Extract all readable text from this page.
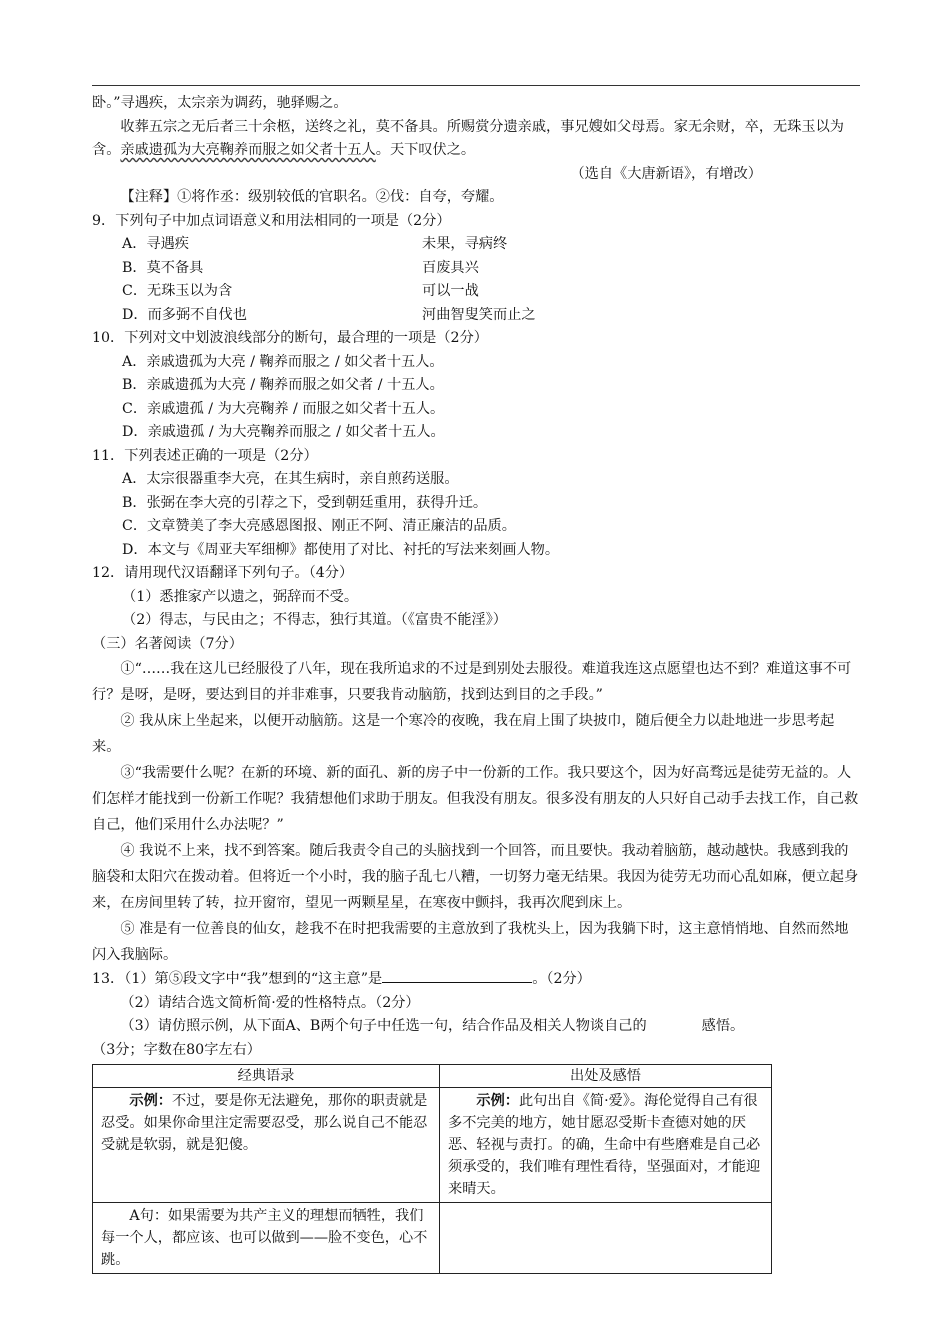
卧。”寻遇疾，太宗亲为调药，驰驿赐之。

收葬五宗之无后者三十余柩，送终之礼，莫不备具。所赐赏分遗亲戚，事兄嫂如父母焉。家无余财，卒，无珠玉以为含。亲戚遗孤为大亮鞠养而服之如父者十五人。天下叹伏之。

（选自《大唐新语》，有增改）

【注释】①将作丞：级别较低的官职名。②伐：自夸，夸耀。

9．下列句子中加点词语意义和用法相同的一项是（2分）

A．寻遇疾	未果，寻病终
B．莫不备具	百废具兴
C．无珠玉以为含	可以一战
D．而多弼不自伐也	河曲智叟笑而止之

10．下列对文中划波浪线部分的断句，最合理的一项是（2分）

A．亲戚遗孤为大亮 / 鞠养而服之 / 如父者十五人。

B．亲戚遗孤为大亮 / 鞠养而服之如父者 / 十五人。

C．亲戚遗孤 / 为大亮鞠养 / 而服之如父者十五人。

D．亲戚遗孤 / 为大亮鞠养而服之 / 如父者十五人。

11．下列表述正确的一项是（2分）

A．太宗很器重李大亮，在其生病时，亲自煎药送服。

B．张弼在李大亮的引荐之下，受到朝廷重用，获得升迁。

C．文章赞美了李大亮感恩图报、刚正不阿、清正廉洁的品质。

D．本文与《周亚夫军细柳》都使用了对比、衬托的写法来刻画人物。

12．请用现代汉语翻译下列句子。（4分）

（1）悉推家产以遗之，弼辞而不受。

（2）得志，与民由之；不得志，独行其道。（《富贵不能淫》）

（三）名著阅读（7分）

①“……我在这儿已经服役了八年，现在我所追求的不过是到别处去服役。难道我连这点愿望也达不到？难道这事不可行？是呀，是呀，要达到目的并非难事，只要我肯动脑筋，找到达到目的之手段。”

② 我从床上坐起来，以便开动脑筋。这是一个寒冷的夜晚，我在肩上围了块披巾，随后便全力以赴地进一步思考起来。

③“我需要什么呢？在新的环境、新的面孔、新的房子中一份新的工作。我只要这个，因为好高骛远是徒劳无益的。人们怎样才能找到一份新工作呢？我猜想他们求助于朋友。但我没有朋友。很多没有朋友的人只好自己动手去找工作，自己救自己，他们采用什么办法呢？”

④ 我说不上来，找不到答案。随后我责令自己的头脑找到一个回答，而且要快。我动着脑筋，越动越快。我感到我的脑袋和太阳穴在拨动着。但将近一个小时，我的脑子乱七八糟，一切努力毫无结果。我因为徒劳无功而心乱如麻，便立起身来，在房间里转了转，拉开窗帘，望见一两颗星星，在寒夜中颤抖，我再次爬到床上。

⑤ 准是有一位善良的仙女，趁我不在时把我需要的主意放到了我枕头上，因为我躺下时，这主意悄悄地、自然而然地闪入我脑际。

13．（1）第⑤段文字中“我”想到的“这主意”是	。（2分）

（2）请结合选文简析简·爱的性格特点。（2分）

（3）请仿照示例，从下面A、B两个句子中任选一句，结合作品及相关人物谈自己的	感悟。

（3分；字数在80字左右）

经典语录	出处及感悟
示例：不过，要是你无法避免，那你的职责就是忍受。如果你命里注定需要忍受，那么说自己不能忍受就是软弱，就是犯傻。	示例：此句出自《简·爱》。海伦觉得自己有很多不完美的地方，她甘愿忍受斯卡查德对她的厌恶、轻视与责打。的确，生命中有些磨难是自己必须承受的，我们唯有理性看待，坚强面对，才能迎来晴天。
A句：如果需要为共产主义的理想而牺牲，我们每一个人，都应该、也可以做到——脸不变色，心不跳。	
